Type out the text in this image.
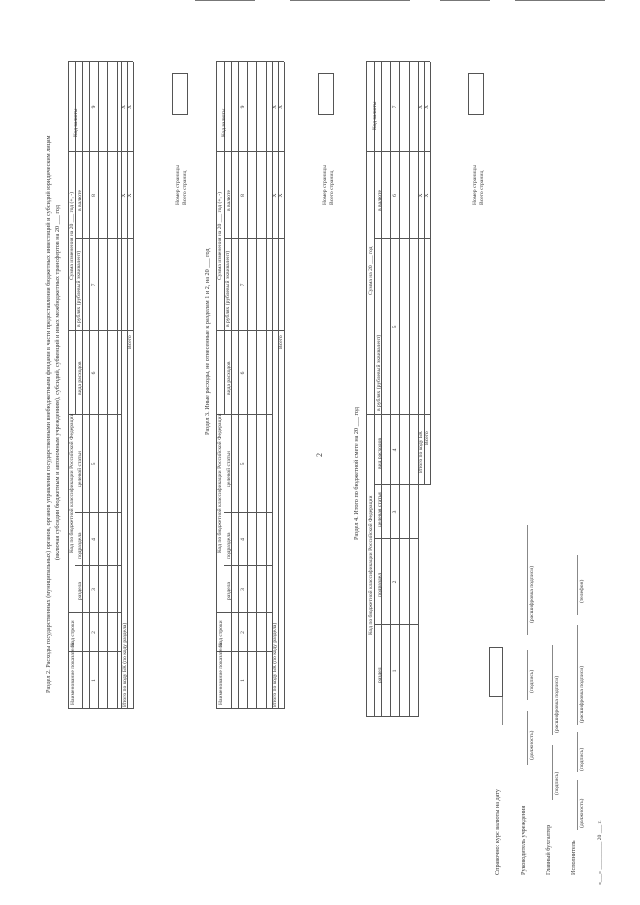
2
Раздел 2. Расходы государственных (муниципальных) органов, органов управления государственными внебюджетными фондами в части предоставления бюджетных инвестиций и субсидий юридическим лицам (включая субсидии бюджетным и автономным учреждениям), субсидий, субвенций и иных межбюджетных трансфертов на 20 ___ год
Наименование показателя
Код строки
Код по бюджетной классификации Российской Федерации
раздела
подраздела
целевой статьи
вида расходов
Сумма изменения на 20 ___ год (+, -)
в рублях (рублевый эквивалент)
в валюте
Код валюты
1
2
3
4
5
6
7
8
9
Итого по коду БК (по коду раздела)
Всего
X
X
X
X
Номер страницы Всего страниц
Раздел 3. Иные расходы, не отнесенные к разделам 1 и 2, на 20 ___ год
Наименование показателя
Код строки
Код по бюджетной классификации Российской Федерации
раздела
подраздела
целевой статьи
вида расходов
Сумма изменения на 20 ___ год (+, -)
в рублях (рублевый эквивалент)
в валюте
Код валюты
1
2
3
4
5
6
7
8
9
Итого по коду БК (по коду раздела)
Всего
X
X
X
X
Номер страницы Всего страниц
Раздел 4. Итого по бюджетной смете на 20 ___ год
Код по бюджетной классификации Российской Федерации
раздел
подраздел
целевая статья
вид расходов
Сумма на 20 ___ год
в рублях (рублевый эквивалент)
в валюте
Код валюты
1
2
3
4
5
6
7
Итого по коду БК Всего
X
X
X
X
Номер страницы Всего страниц
Справочно: курс валюты на дату	Руководитель учреждения
(должность)
(подпись)
(расшифровка подписи)
Главный бухгалтер
(подпись)
(расшифровка подписи)
Исполнитель
(должность)
(подпись)
(расшифровка подписи)
(телефон)
«___» __________ 20 ___ г.
